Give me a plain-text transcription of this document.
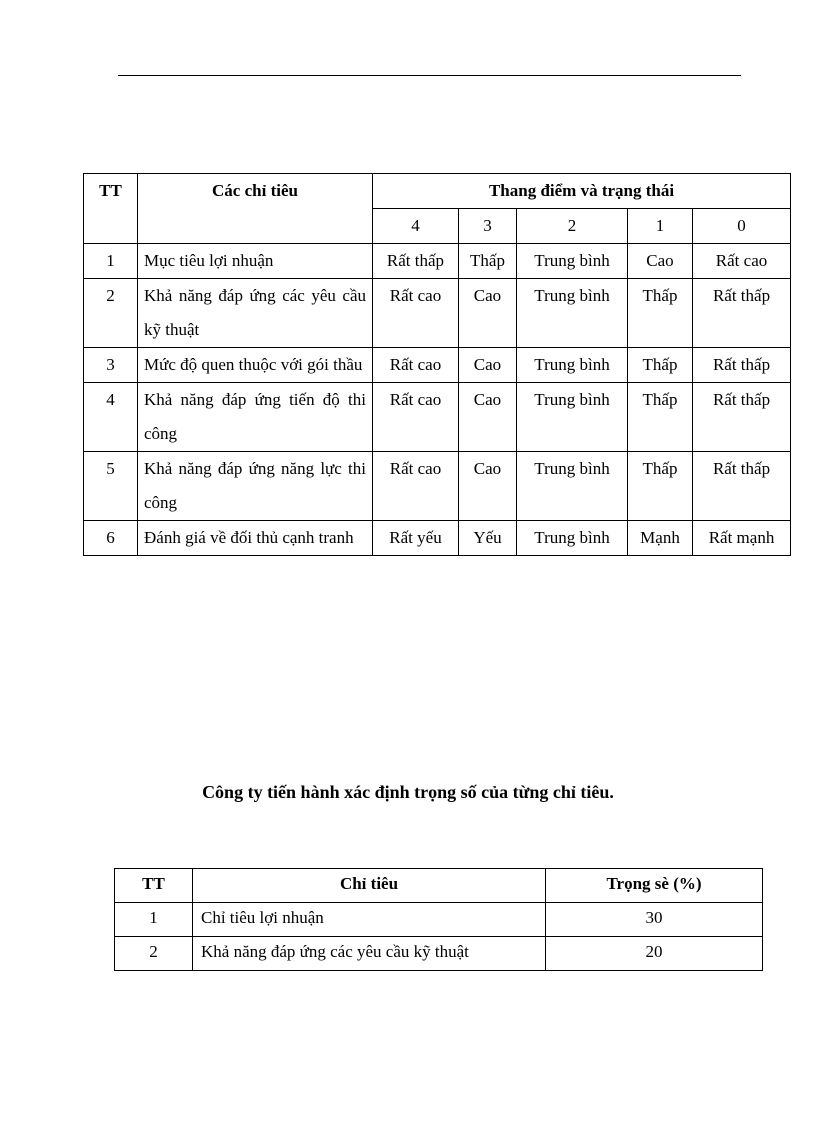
TT	Các chỉ tiêu	Thang điểm và trạng thái				
		4	3	2	1	0
1	Mục tiêu lợi nhuận	Rất thấp	Thấp	Trung bình	Cao	Rất cao
2	Khả năng đáp ứng các yêu cầu kỹ thuật	Rất cao	Cao	Trung bình	Thấp	Rất thấp
3	Mức độ quen thuộc với gói thầu	Rất cao	Cao	Trung bình	Thấp	Rất thấp
4	Khả năng đáp ứng tiến độ thi công	Rất cao	Cao	Trung bình	Thấp	Rất thấp
5	Khả năng đáp ứng năng lực thi công	Rất cao	Cao	Trung bình	Thấp	Rất thấp
6	Đánh giá về đối thủ cạnh tranh	Rất yếu	Yếu	Trung bình	Mạnh	Rất mạnh
Công ty tiến hành xác định trọng số của từng chỉ tiêu.
TT	Chỉ tiêu	Trọng sè (%)
1	Chỉ tiêu lợi nhuận	30
2	Khả năng đáp ứng các yêu cầu kỹ thuật	20
